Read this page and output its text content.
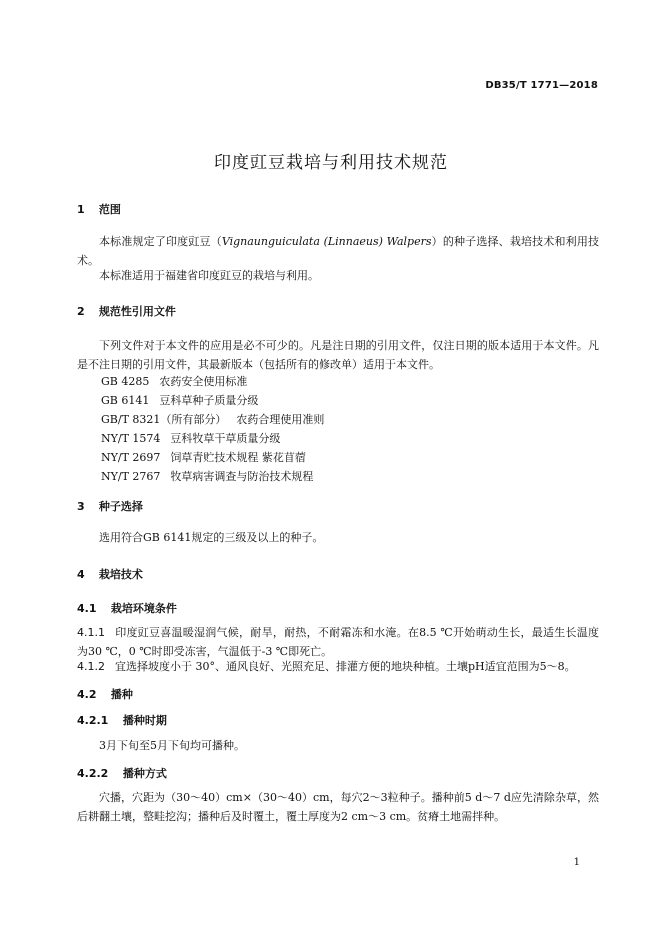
DB35/T 1771—2018
印度豇豆栽培与利用技术规范
1 范围
本标准规定了印度豇豆（Vignaunguiculata (Linnaeus) Walpers）的种子选择、栽培技术和利用技术。
本标准适用于福建省印度豇豆的栽培与利用。
2 规范性引用文件
下列文件对于本文件的应用是必不可少的。凡是注日期的引用文件，仅注日期的版本适用于本文件。凡是不注日期的引用文件，其最新版本（包括所有的修改单）适用于本文件。
GB 4285 农药安全使用标准
GB 6141 豆科草种子质量分级
GB/T 8321（所有部分） 农药合理使用准则
NY/T 1574 豆科牧草干草质量分级
NY/T 2697 饲草青贮技术规程 紫花苜蓿
NY/T 2767 牧草病害调查与防治技术规程
3 种子选择
选用符合GB 6141规定的三级及以上的种子。
4 栽培技术
4.1 栽培环境条件
4.1.1 印度豇豆喜温暖湿润气候，耐旱，耐热，不耐霜冻和水淹。在8.5 ℃开始萌动生长，最适生长温度为30 ℃，0 ℃时即受冻害，气温低于-3 ℃即死亡。
4.1.2 宜选择坡度小于 30°、通风良好、光照充足、排灌方便的地块种植。土壤pH适宜范围为5～8。
4.2 播种
4.2.1 播种时期
3月下旬至5月下旬均可播种。
4.2.2 播种方式
穴播，穴距为（30～40）cm×（30～40）cm，每穴2～3粒种子。播种前5 d～7 d应先清除杂草，然后耕翻土壤，整畦挖沟；播种后及时覆土，覆土厚度为2 cm～3 cm。贫瘠土地需拌种。
1
